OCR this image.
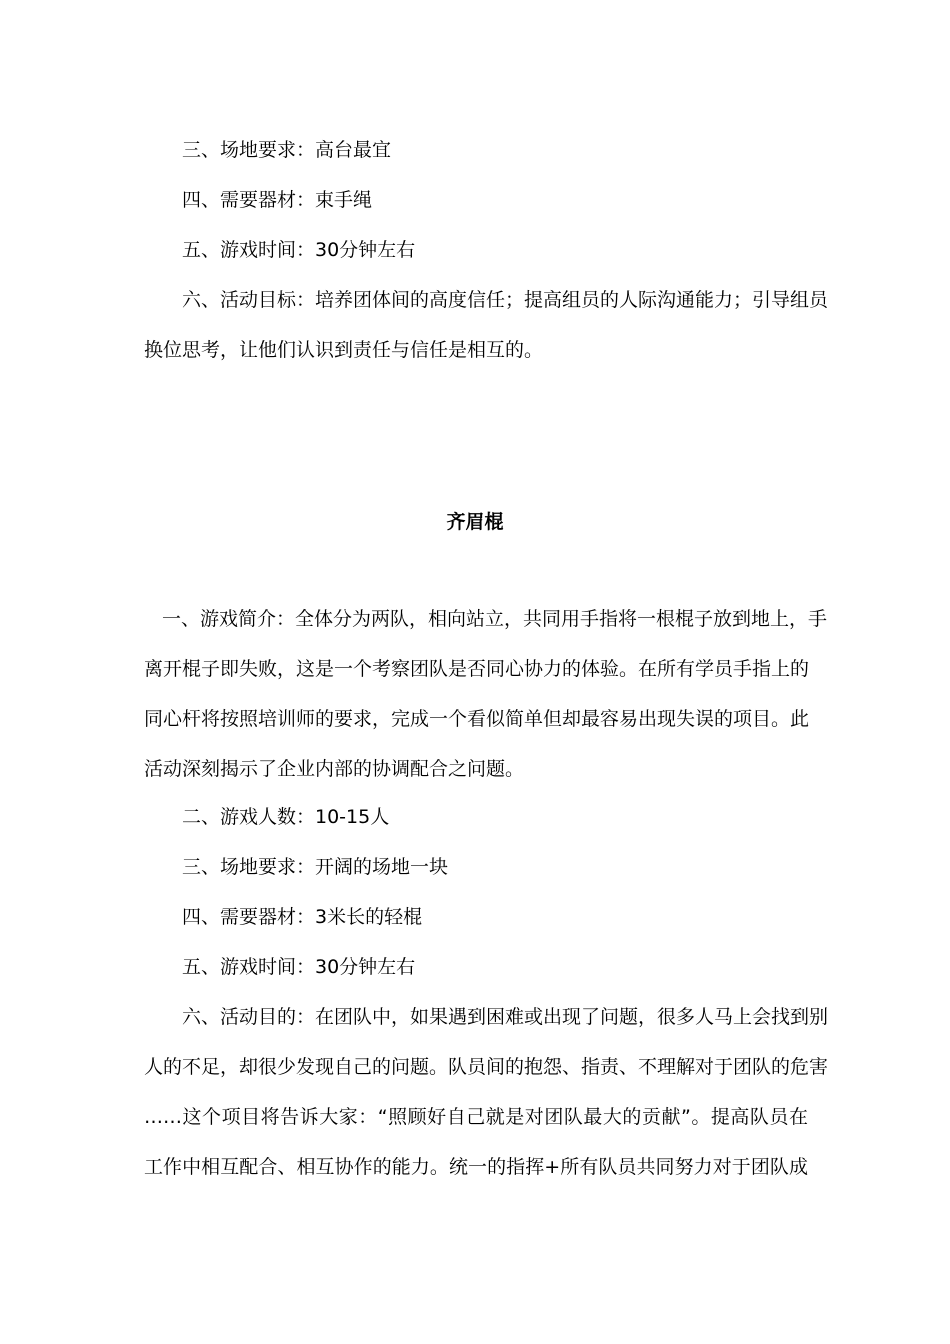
三、场地要求：高台最宜
四、需要器材：束手绳
五、游戏时间：30分钟左右
六、活动目标：培养团体间的高度信任；提高组员的人际沟通能力；引导组员
换位思考，让他们认识到责任与信任是相互的。
齐眉棍
一、游戏简介：全体分为两队，相向站立，共同用手指将一根棍子放到地上，手
离开棍子即失败，这是一个考察团队是否同心协力的体验。在所有学员手指上的
同心杆将按照培训师的要求，完成一个看似简单但却最容易出现失误的项目。此
活动深刻揭示了企业内部的协调配合之问题。
二、游戏人数：10-15人
三、场地要求：开阔的场地一块
四、需要器材：3米长的轻棍
五、游戏时间：30分钟左右
六、活动目的：在团队中，如果遇到困难或出现了问题，很多人马上会找到别
人的不足，却很少发现自己的问题。队员间的抱怨、指责、不理解对于团队的危害
……这个项目将告诉大家：“照顾好自己就是对团队最大的贡献”。提高队员在
工作中相互配合、相互协作的能力。统一的指挥+所有队员共同努力对于团队成
